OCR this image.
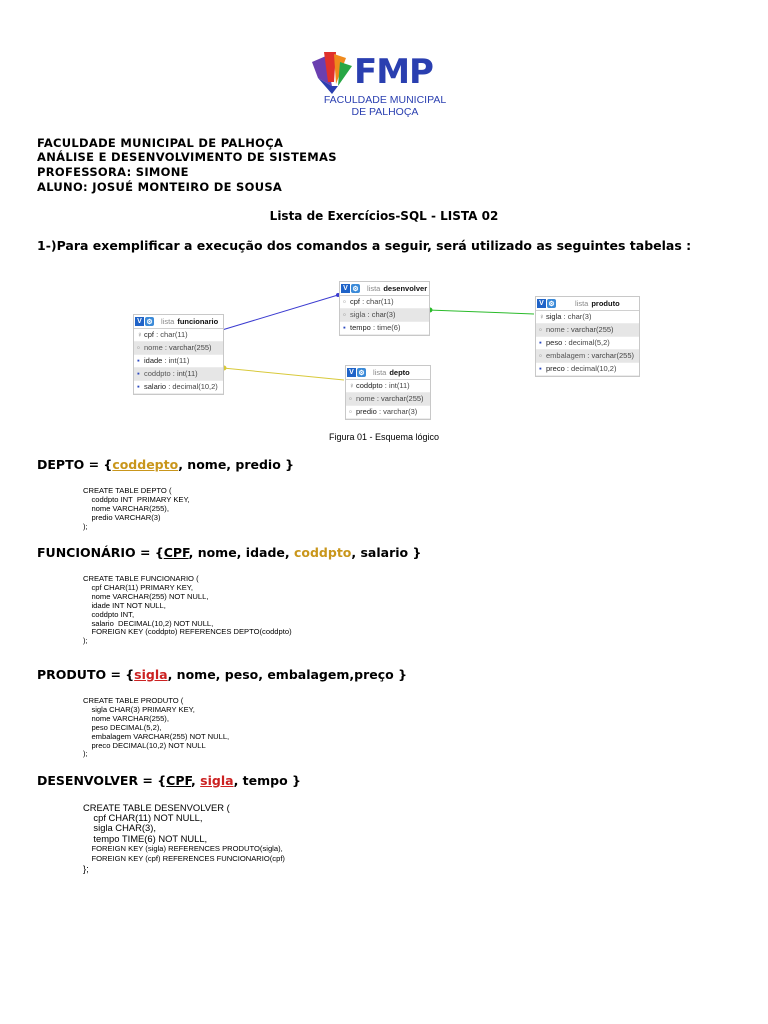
FMP
FACULDADE MUNICIPAL
DE PALHOÇA
FACULDADE MUNICIPAL DE PALHOÇA
ANÁLISE E DESENVOLVIMENTO DE SISTEMAS
PROFESSORA: SIMONE
ALUNO: JOSUÉ MONTEIRO DE SOUSA
Lista de Exercícios-SQL - LISTA 02
1-)Para exemplificar a execução dos comandos a seguir, será utilizado as seguintes tabelas :
V ⚙ lista funcionario
♀cpf : char(11)
▫ nome : varchar(255)
▪ idade : int(11)
▪ coddpto : int(11)
▪ salario : decimal(10,2)
V ⚙ lista desenvolver
▫ cpf : char(11)
▫ sigla : char(3)
▪ tempo : time(6)
V ⚙ lista depto
♀coddpto : int(11)
▫ nome : varchar(255)
▫ predio : varchar(3)
V ⚙	lista produto
♀sigla : char(3)
▫ nome : varchar(255)
▪ peso : decimal(5,2)
▫ embalagem : varchar(255)
▪ preco : decimal(10,2)
Figura 01 - Esquema lógico
DEPTO = {coddepto, nome, predio }
CREATE TABLE DEPTO (
coddpto INT  PRIMARY KEY,
nome VARCHAR(255),
predio VARCHAR(3)
);
FUNCIONÁRIO = {CPF, nome, idade, coddpto, salario }
CREATE TABLE FUNCIONARIO (
cpf CHAR(11) PRIMARY KEY,
nome VARCHAR(255) NOT NULL,
idade INT NOT NULL,
coddpto INT,
salario  DECIMAL(10,2) NOT NULL,
FOREIGN KEY (coddpto) REFERENCES DEPTO(coddpto)
);
PRODUTO = {sigla, nome, peso, embalagem,preço }
CREATE TABLE PRODUTO (
sigla CHAR(3) PRIMARY KEY,
nome VARCHAR(255),
peso DECIMAL(5,2),
embalagem VARCHAR(255) NOT NULL,
preco DECIMAL(10,2) NOT NULL
);
DESENVOLVER = {CPF, sigla, tempo }
CREATE TABLE DESENVOLVER (
cpf CHAR(11) NOT NULL,
sigla CHAR(3),
tempo TIME(6) NOT NULL,
FOREIGN KEY (sigla) REFERENCES PRODUTO(sigla),
FOREIGN KEY (cpf) REFERENCES FUNCIONARIO(cpf)
};
